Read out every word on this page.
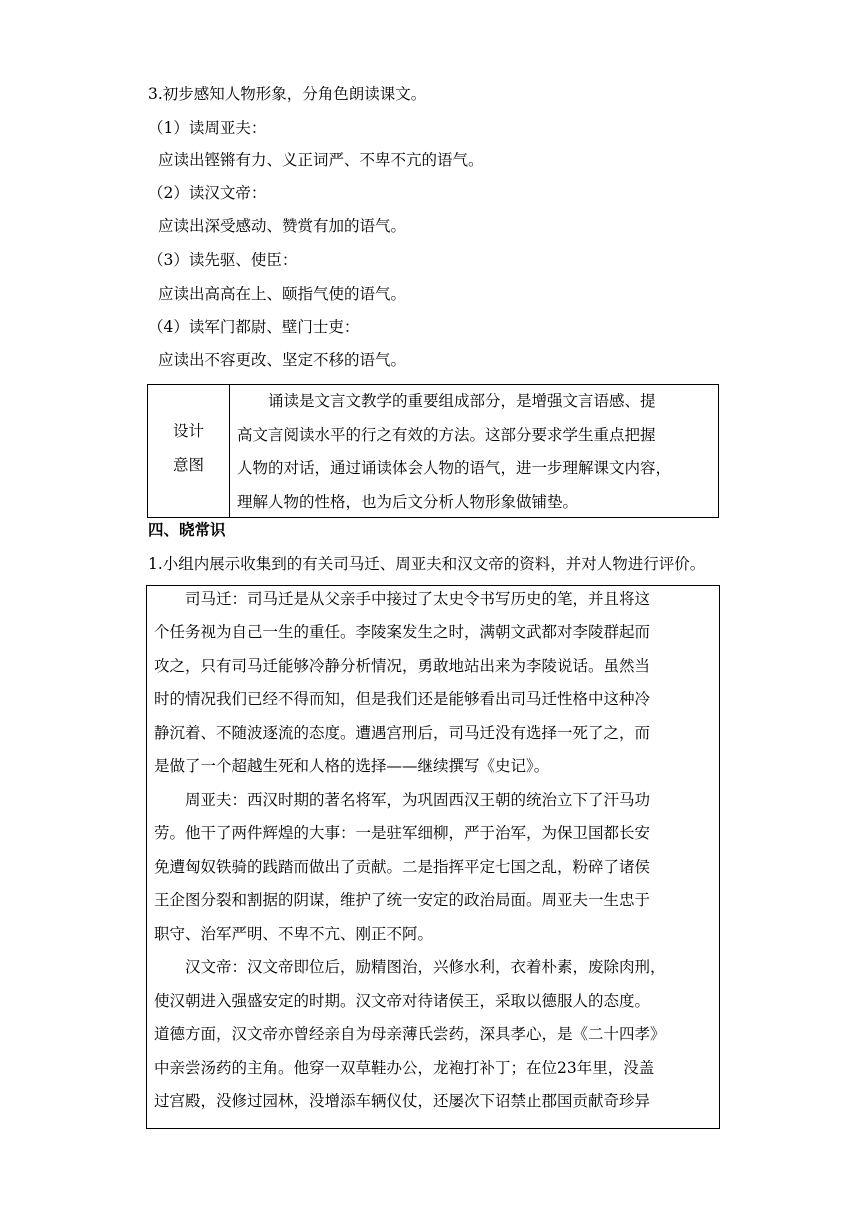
3.初步感知人物形象，分角色朗读课文。
（1）读周亚夫：
应读出铿锵有力、义正词严、不卑不亢的语气。
（2）读汉文帝：
应读出深受感动、赞赏有加的语气。
（3）读先驱、使臣：
应读出高高在上、颐指气使的语气。
（4）读军门都尉、壁门士吏：
应读出不容更改、坚定不移的语气。
设计
意图
　　诵读是文言文教学的重要组成部分，是增强文言语感、提
高文言阅读水平的行之有效的方法。这部分要求学生重点把握
人物的对话，通过诵读体会人物的语气，进一步理解课文内容，
理解人物的性格，也为后文分析人物形象做铺垫。
四、晓常识
1.小组内展示收集到的有关司马迁、周亚夫和汉文帝的资料，并对人物进行评价。
　　司马迁：司马迁是从父亲手中接过了太史令书写历史的笔，并且将这
个任务视为自己一生的重任。李陵案发生之时，满朝文武都对李陵群起而
攻之，只有司马迁能够冷静分析情况，勇敢地站出来为李陵说话。虽然当
时的情况我们已经不得而知，但是我们还是能够看出司马迁性格中这种冷
静沉着、不随波逐流的态度。遭遇宫刑后，司马迁没有选择一死了之，而
是做了一个超越生死和人格的选择——继续撰写《史记》。
　　周亚夫：西汉时期的著名将军，为巩固西汉王朝的统治立下了汗马功
劳。他干了两件辉煌的大事：一是驻军细柳，严于治军，为保卫国都长安
免遭匈奴铁骑的践踏而做出了贡献。二是指挥平定七国之乱，粉碎了诸侯
王企图分裂和割据的阴谋，维护了统一安定的政治局面。周亚夫一生忠于
职守、治军严明、不卑不亢、刚正不阿。
　　汉文帝：汉文帝即位后，励精图治，兴修水利，衣着朴素，废除肉刑，
使汉朝进入强盛安定的时期。汉文帝对待诸侯王，采取以德服人的态度。
道德方面，汉文帝亦曾经亲自为母亲薄氏尝药，深具孝心，是《二十四孝》
中亲尝汤药的主角。他穿一双草鞋办公，龙袍打补丁；在位23年里，没盖
过宫殿，没修过园林，没增添车辆仪仗，还屡次下诏禁止郡国贡献奇珍异
